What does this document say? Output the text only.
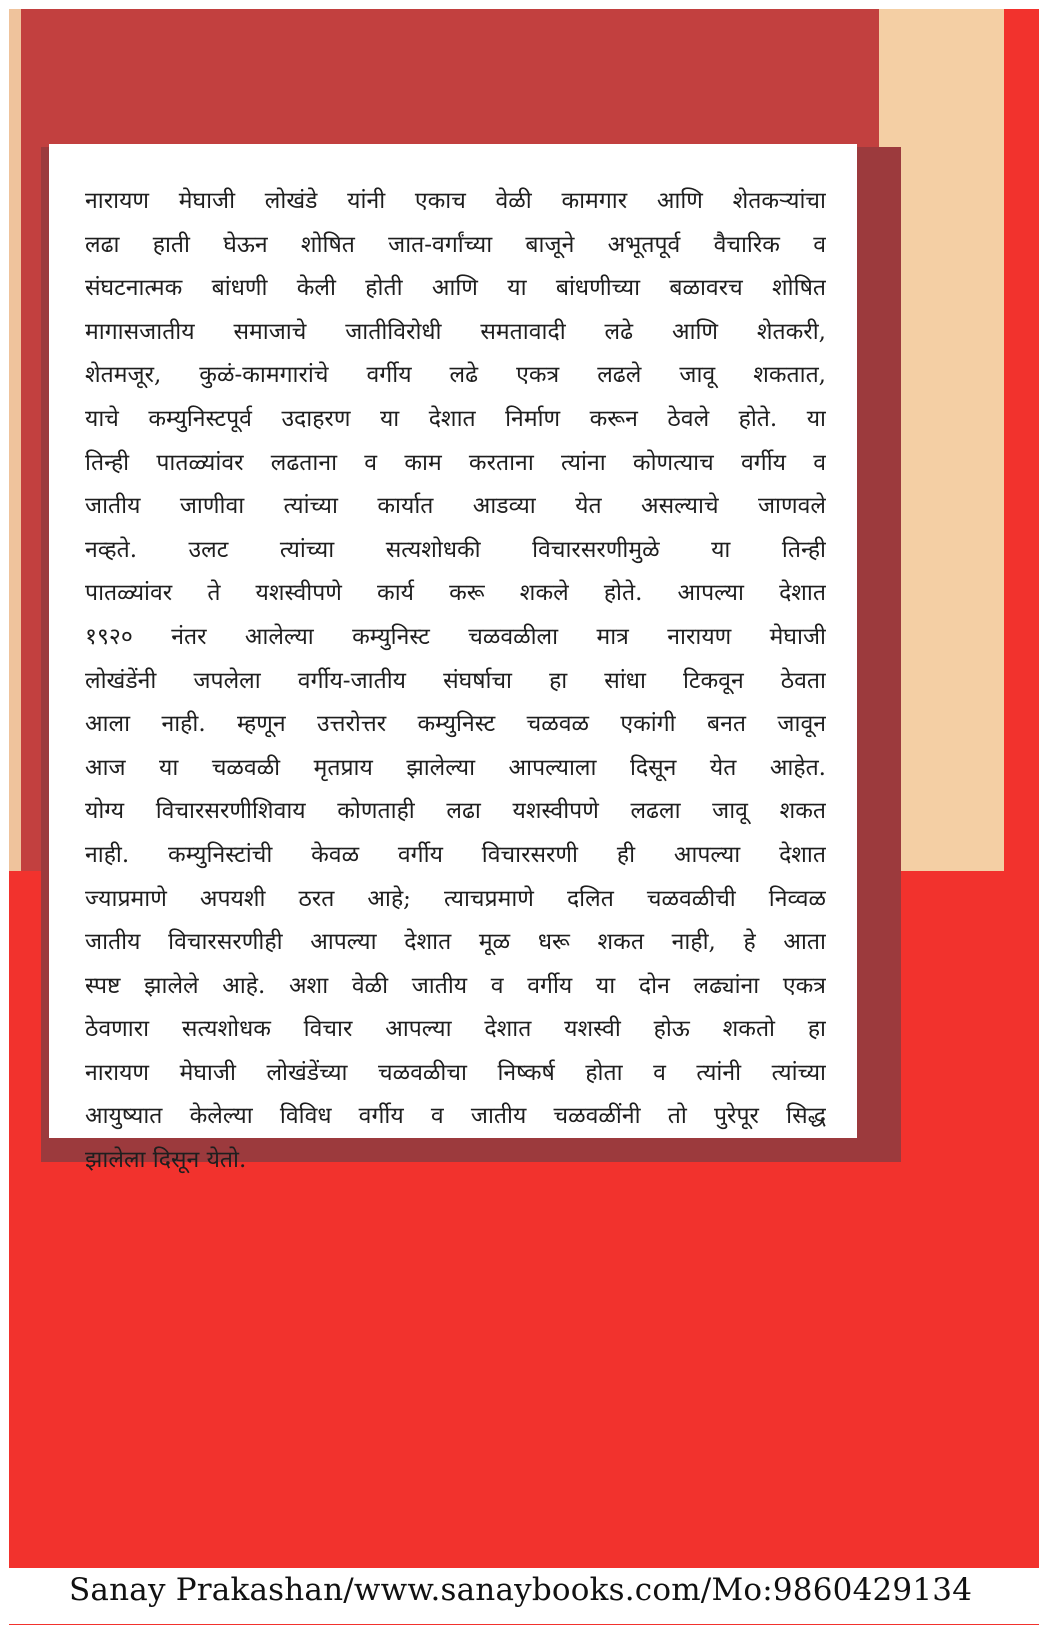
नारायण मेघाजी लोखंडे यांनी एकाच वेळी कामगार आणि शेतकऱ्यांचा
लढा हाती घेऊन शोषित जात-वर्गांच्या बाजूने अभूतपूर्व वैचारिक व
संघटनात्मक बांधणी केली होती आणि या बांधणीच्या बळावरच शोषित
मागासजातीय समाजाचे जातीविरोधी समतावादी लढे आणि शेतकरी,
शेतमजूर, कुळं-कामगारांचे वर्गीय लढे एकत्र लढले जावू शकतात,
याचे कम्युनिस्टपूर्व उदाहरण या देशात निर्माण करून ठेवले होते. या
तिन्ही पातळ्यांवर लढताना व काम करताना त्यांना कोणत्याच वर्गीय व
जातीय जाणीवा त्यांच्या कार्यात आडव्या येत असल्याचे जाणवले
नव्हते. उलट त्यांच्या सत्यशोधकी विचारसरणीमुळे या तिन्ही
पातळ्यांवर ते यशस्वीपणे कार्य करू शकले होते. आपल्या देशात
१९२० नंतर आलेल्या कम्युनिस्ट चळवळीला मात्र नारायण मेघाजी
लोखंडेंनी जपलेला वर्गीय-जातीय संघर्षाचा हा सांधा टिकवून ठेवता
आला नाही. म्हणून उत्तरोत्तर कम्युनिस्ट चळवळ एकांगी बनत जावून
आज या चळवळी मृतप्राय झालेल्या आपल्याला दिसून येत आहेत.
योग्य विचारसरणीशिवाय कोणताही लढा यशस्वीपणे लढला जावू शकत
नाही. कम्युनिस्टांची केवळ वर्गीय विचारसरणी ही आपल्या देशात
ज्याप्रमाणे अपयशी ठरत आहे; त्याचप्रमाणे दलित चळवळीची निव्वळ
जातीय विचारसरणीही आपल्या देशात मूळ धरू शकत नाही, हे आता
स्पष्ट झालेले आहे. अशा वेळी जातीय व वर्गीय या दोन लढ्यांना एकत्र
ठेवणारा सत्यशोधक विचार आपल्या देशात यशस्वी होऊ शकतो हा
नारायण मेघाजी लोखंडेंच्या चळवळीचा निष्कर्ष होता व त्यांनी त्यांच्या
आयुष्यात केलेल्या विविध वर्गीय व जातीय चळवळींनी तो पुरेपूर सिद्ध
झालेला दिसून येतो.

Sanay Prakashan/www.sanaybooks.com/Mo:9860429134
